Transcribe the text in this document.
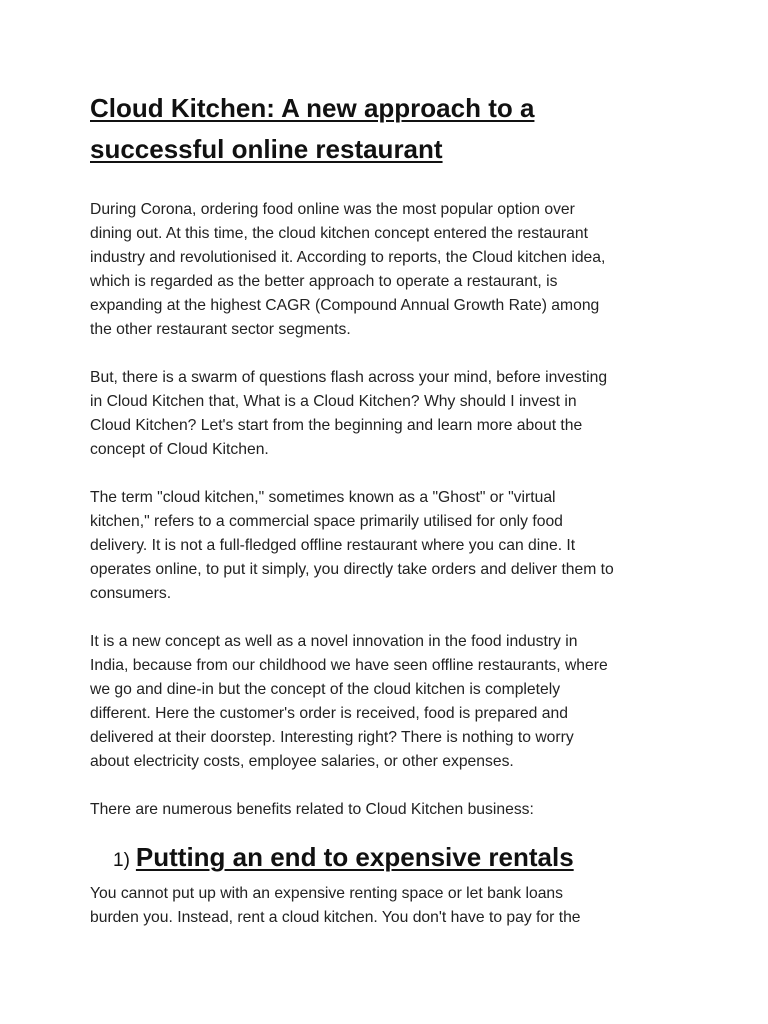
Cloud Kitchen: A new approach to a
successful online restaurant

During Corona, ordering food online was the most popular option over
dining out. At this time, the cloud kitchen concept entered the restaurant
industry and revolutionised it. According to reports, the Cloud kitchen idea,
which is regarded as the better approach to operate a restaurant, is
expanding at the highest CAGR (Compound Annual Growth Rate) among
the other restaurant sector segments.

But, there is a swarm of questions flash across your mind, before investing
in Cloud Kitchen that, What is a Cloud Kitchen? Why should I invest in
Cloud Kitchen? Let's start from the beginning and learn more about the
concept of Cloud Kitchen.

The term "cloud kitchen," sometimes known as a "Ghost" or "virtual
kitchen," refers to a commercial space primarily utilised for only food
delivery. It is not a full-fledged offline restaurant where you can dine. It
operates online, to put it simply, you directly take orders and deliver them to
consumers.

It is a new concept as well as a novel innovation in the food industry in
India, because from our childhood we have seen offline restaurants, where
we go and dine-in but the concept of the cloud kitchen is completely
different. Here the customer's order is received, food is prepared and
delivered at their doorstep. Interesting right? There is nothing to worry
about electricity costs, employee salaries, or other expenses.

There are numerous benefits related to Cloud Kitchen business:

1) Putting an end to expensive rentals

You cannot put up with an expensive renting space or let bank loans
burden you. Instead, rent a cloud kitchen. You don't have to pay for the
